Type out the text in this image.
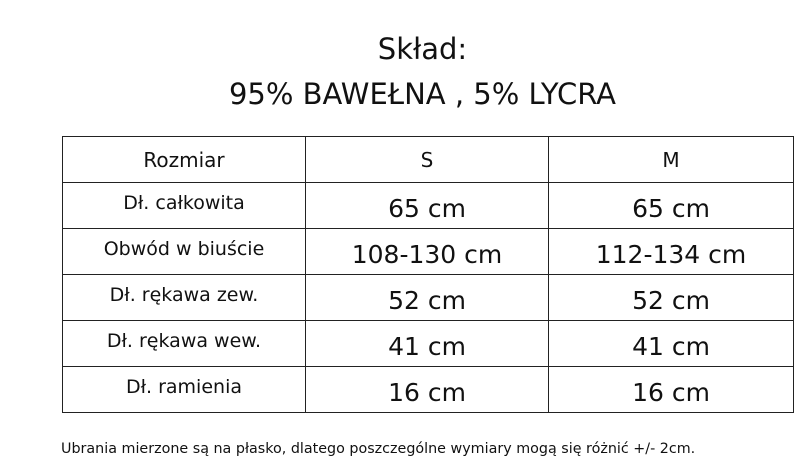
Skład:
95% BAWEŁNA , 5% LYCRA
Rozmiar	S	M
Dł. całkowita	65 cm	65 cm
Obwód w biuście	108-130 cm	112-134 cm
Dł. rękawa zew.	52 cm	52 cm
Dł. rękawa wew.	41 cm	41 cm
Dł. ramienia	16 cm	16 cm
Ubrania mierzone są na płasko, dlatego poszczególne wymiary mogą się różnić +/- 2cm.
